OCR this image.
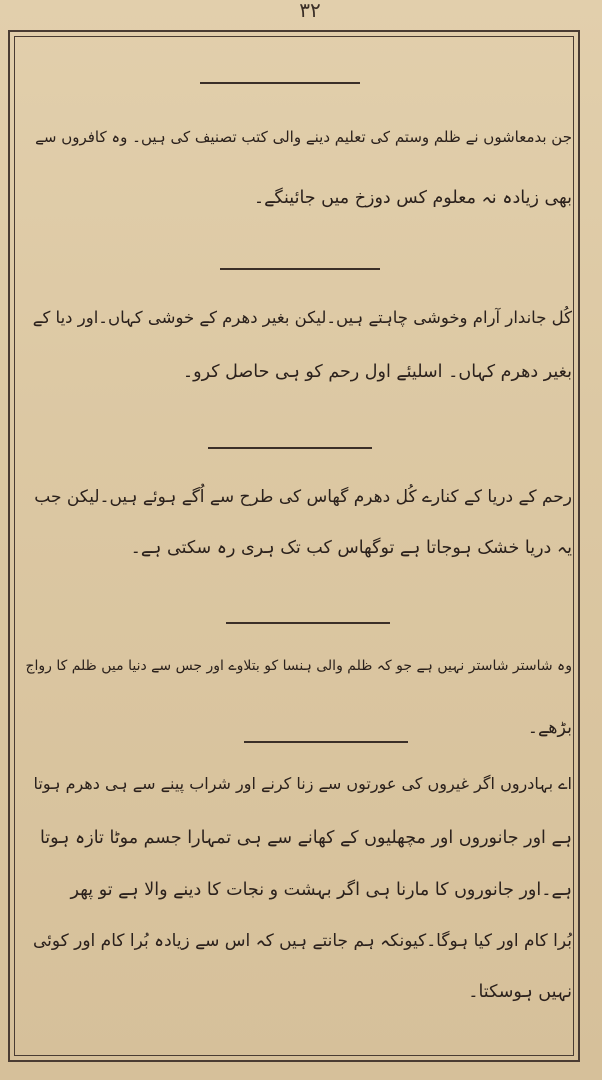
۳۲
جن بدمعاشوں نے ظلم وستم کی تعلیم دینے والی کتب تصنیف کی ہیں۔ وہ کافروں سے
بھی زیادہ نہ معلوم کس دوزخ میں جائینگے۔
کُل جاندار آرام وخوشی چاہتے ہیں۔لیکن بغیر دھرم کے خوشی کہاں۔اور دیا کے
بغیر دھرم کہاں۔ اسلیئے اول رحم کو ہی حاصل کرو۔
رحم کے دریا کے کنارے کُل دھرم گھاس کی طرح سے اُگے ہوئے ہیں۔لیکن جب
یہ دریا خشک ہوجاتا ہے توگھاس کب تک ہری رہ سکتی ہے۔
وہ شاستر شاستر نہیں ہے جو کہ ظلم والی ہنسا کو بتلاوے اور جس سے دنیا میں ظلم کا رواج
بڑھے۔
اے بہادروں اگر غیروں کی عورتوں سے زنا کرنے اور شراب پینے سے ہی دھرم ہوتا
ہے اور جانوروں اور مچھلیوں کے کھانے سے ہی تمہارا جسم موٹا تازہ ہوتا
ہے۔اور جانوروں کا مارنا ہی اگر بہشت و نجات کا دینے والا ہے تو پھر
بُرا کام اور کیا ہوگا۔کیونکہ ہم جانتے ہیں کہ اس سے زیادہ بُرا کام اور کوئی
نہیں ہوسکتا۔
